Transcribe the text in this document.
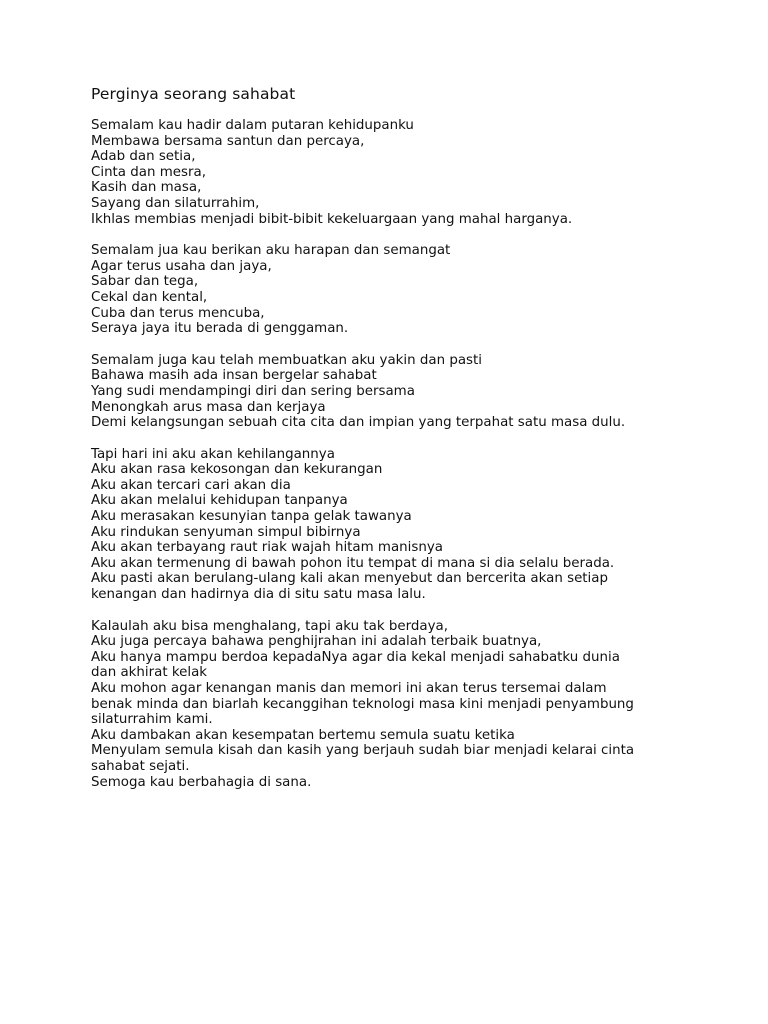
Perginya seorang sahabat
Semalam kau hadir dalam putaran kehidupanku
Membawa bersama santun dan percaya,
Adab dan setia,
Cinta dan mesra,
Kasih dan masa,
Sayang dan silaturrahim,
Ikhlas membias menjadi bibit-bibit kekeluargaan yang mahal harganya.
Semalam jua kau berikan aku harapan dan semangat
Agar terus usaha dan jaya,
Sabar dan tega,
Cekal dan kental,
Cuba dan terus mencuba,
Seraya jaya itu berada di genggaman.
Semalam juga kau telah membuatkan aku yakin dan pasti
Bahawa masih ada insan bergelar sahabat
Yang sudi mendampingi diri dan sering bersama
Menongkah arus masa dan kerjaya
Demi kelangsungan sebuah cita cita dan impian yang terpahat satu masa dulu.
Tapi hari ini aku akan kehilangannya
Aku akan rasa kekosongan dan kekurangan
Aku akan tercari cari akan dia
Aku akan melalui kehidupan tanpanya
Aku merasakan kesunyian tanpa gelak tawanya
Aku rindukan senyuman simpul bibirnya
Aku akan terbayang raut riak wajah hitam manisnya
Aku akan termenung di bawah pohon itu tempat di mana si dia selalu berada.
Aku pasti akan berulang-ulang kali akan menyebut dan bercerita akan setiap
kenangan dan hadirnya dia di situ satu masa lalu.
Kalaulah aku bisa menghalang, tapi aku tak berdaya,
Aku juga percaya bahawa penghijrahan ini adalah terbaik buatnya,
Aku hanya mampu berdoa kepadaNya agar dia kekal menjadi sahabatku dunia
dan akhirat kelak
Aku mohon agar kenangan manis dan memori ini akan terus tersemai dalam
benak minda dan biarlah kecanggihan teknologi masa kini menjadi penyambung
silaturrahim kami.
Aku dambakan akan kesempatan bertemu semula suatu ketika
Menyulam semula kisah dan kasih yang berjauh sudah biar menjadi kelarai cinta
sahabat sejati.
Semoga kau berbahagia di sana.
